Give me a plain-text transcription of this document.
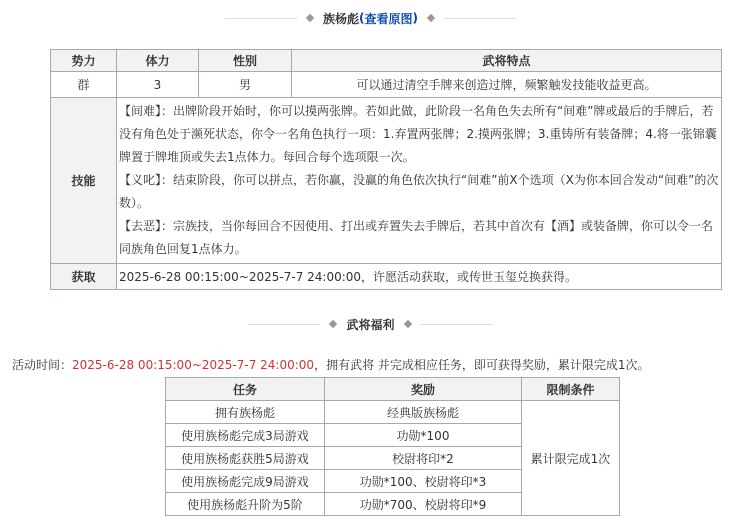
族杨彪 ( 查看原图 )
势力	体力	性别	武将特点
群	3	男	可以通过清空手牌来创造过牌，频繁触发技能收益更高。
技能	【间难】：出牌阶段开始时，你可以摸两张牌。若如此做，此阶段一名角色失去所有“间难”牌或最后的手牌后，若没有角色处于濒死状态，你令一名角色执行一项：1.弃置两张牌；2.摸两张牌；3.重铸所有装备牌；4.将一张锦囊牌置于牌堆顶或失去1点体力。每回合每个选项限一次。

【义叱】：结束阶段，你可以拼点，若你赢，没赢的角色依次执行“间难”前X个选项（X为你本回合发动“间难”的次数）。

【去恶】：宗族技，当你每回合不因使用、打出或弃置失去手牌后，若其中首次有【酒】或装备牌，你可以令一名同族角色回复1点体力。		

获取	2025-6-28 00:15:00~2025-7-7 24:00:00，许愿活动获取，或传世玉玺兑换获得。		
武将福利
活动时间：2025-6-28 00:15:00~2025-7-7 24:00:00，拥有武将 并完成相应任务，即可获得奖励，累计限完成1次。
任务	奖励	限制条件
拥有族杨彪	经典版族杨彪	累计限完成1次
使用族杨彪完成3局游戏	功勋*100	
使用族杨彪获胜5局游戏	校尉将印*2	
使用族杨彪完成9局游戏	功勋*100、校尉将印*3	
使用族杨彪升阶为5阶	功勋*700、校尉将印*9	
